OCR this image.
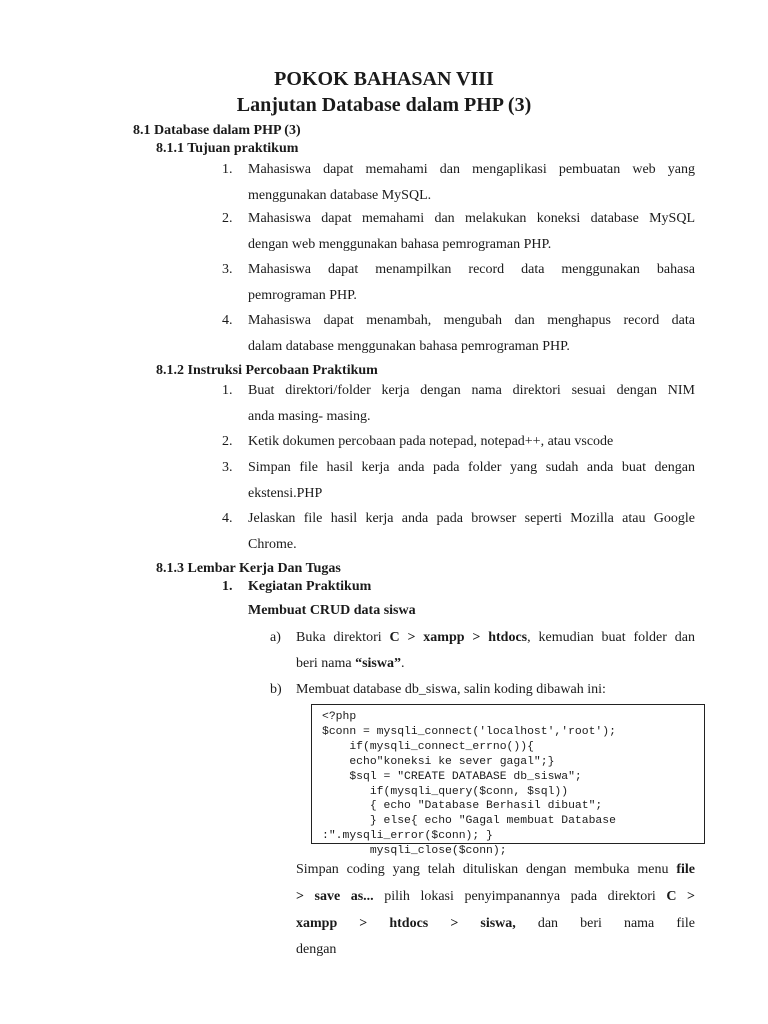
POKOK BAHASAN VIII
Lanjutan Database dalam PHP (3)
8.1 Database dalam PHP (3)
8.1.1 Tujuan praktikum
1. Mahasiswa dapat memahami dan mengaplikasi pembuatan web yang
menggunakan database MySQL.
2. Mahasiswa dapat memahami dan melakukan koneksi database MySQL
dengan web menggunakan bahasa pemrograman PHP.
3. Mahasiswa dapat menampilkan record data menggunakan bahasa
pemrograman PHP.
4. Mahasiswa dapat menambah, mengubah dan menghapus record data
dalam database menggunakan bahasa pemrograman PHP.
8.1.2 Instruksi Percobaan Praktikum
1. Buat direktori/folder kerja dengan nama direktori sesuai dengan NIM
anda masing- masing.
2. Ketik dokumen percobaan pada notepad, notepad++, atau vscode
3. Simpan file hasil kerja anda pada folder yang sudah anda buat dengan
ekstensi.PHP
4. Jelaskan file hasil kerja anda pada browser seperti Mozilla atau Google
Chrome.
8.1.3 Lembar Kerja Dan Tugas
1. Kegiatan Praktikum
Membuat CRUD data siswa
a) Buka direktori C > xampp > htdocs, kemudian buat folder dan
beri nama “siswa”.
b) Membuat database db_siswa, salin koding dibawah ini:
<?php
$conn = mysqli_connect('localhost','root');
if(mysqli_connect_errno()){
echo"koneksi ke sever gagal";}
$sql = "CREATE DATABASE db_siswa";
if(mysqli_query($conn, $sql))
{ echo "Database Berhasil dibuat";
} else{ echo "Gagal membuat Database
:".mysqli_error($conn); }
mysqli_close($conn);
Simpan coding yang telah dituliskan dengan membuka menu file
> save as... pilih lokasi penyimpanannya pada direktori C >
xampp > htdocs > siswa, dan beri nama file dengan
